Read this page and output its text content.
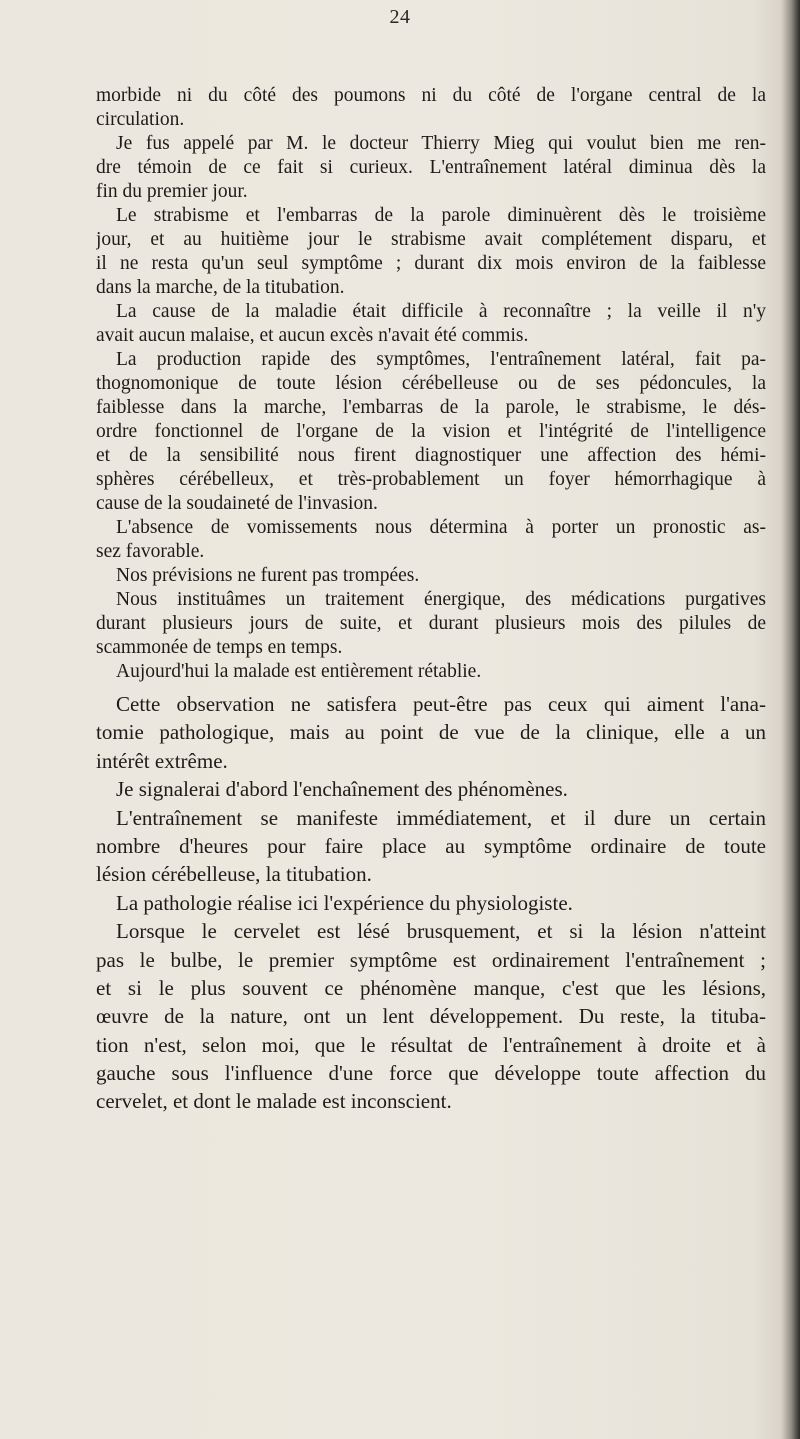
24
morbide ni du côté des poumons ni du côté de l'organe central de la
circulation.
Je fus appelé par M. le docteur Thierry Mieg qui voulut bien me ren-
dre témoin de ce fait si curieux. L'entraînement latéral diminua dès la
fin du premier jour.
Le strabisme et l'embarras de la parole diminuèrent dès le troisième
jour, et au huitième jour le strabisme avait complétement disparu, et
il ne resta qu'un seul symptôme ; durant dix mois environ de la faiblesse
dans la marche, de la titubation.
La cause de la maladie était difficile à reconnaître ; la veille il n'y
avait aucun malaise, et aucun excès n'avait été commis.
La production rapide des symptômes, l'entraînement latéral, fait pa-
thognomonique de toute lésion cérébelleuse ou de ses pédoncules, la
faiblesse dans la marche, l'embarras de la parole, le strabisme, le dés-
ordre fonctionnel de l'organe de la vision et l'intégrité de l'intelligence
et de la sensibilité nous firent diagnostiquer une affection des hémi-
sphères cérébelleux, et très-probablement un foyer hémorrhagique à
cause de la soudaineté de l'invasion.
L'absence de vomissements nous détermina à porter un pronostic as-
sez favorable.
Nos prévisions ne furent pas trompées.
Nous instituâmes un traitement énergique, des médications purgatives
durant plusieurs jours de suite, et durant plusieurs mois des pilules de
scammonée de temps en temps.
Aujourd'hui la malade est entièrement rétablie.
Cette observation ne satisfera peut-être pas ceux qui aiment l'ana-
tomie pathologique, mais au point de vue de la clinique, elle a un
intérêt extrême.
Je signalerai d'abord l'enchaînement des phénomènes.
L'entraînement se manifeste immédiatement, et il dure un certain
nombre d'heures pour faire place au symptôme ordinaire de toute
lésion cérébelleuse, la titubation.
La pathologie réalise ici l'expérience du physiologiste.
Lorsque le cervelet est lésé brusquement, et si la lésion n'atteint
pas le bulbe, le premier symptôme est ordinairement l'entraînement ;
et si le plus souvent ce phénomène manque, c'est que les lésions,
œuvre de la nature, ont un lent développement. Du reste, la tituba-
tion n'est, selon moi, que le résultat de l'entraînement à droite et à
gauche sous l'influence d'une force que développe toute affection du
cervelet, et dont le malade est inconscient.
